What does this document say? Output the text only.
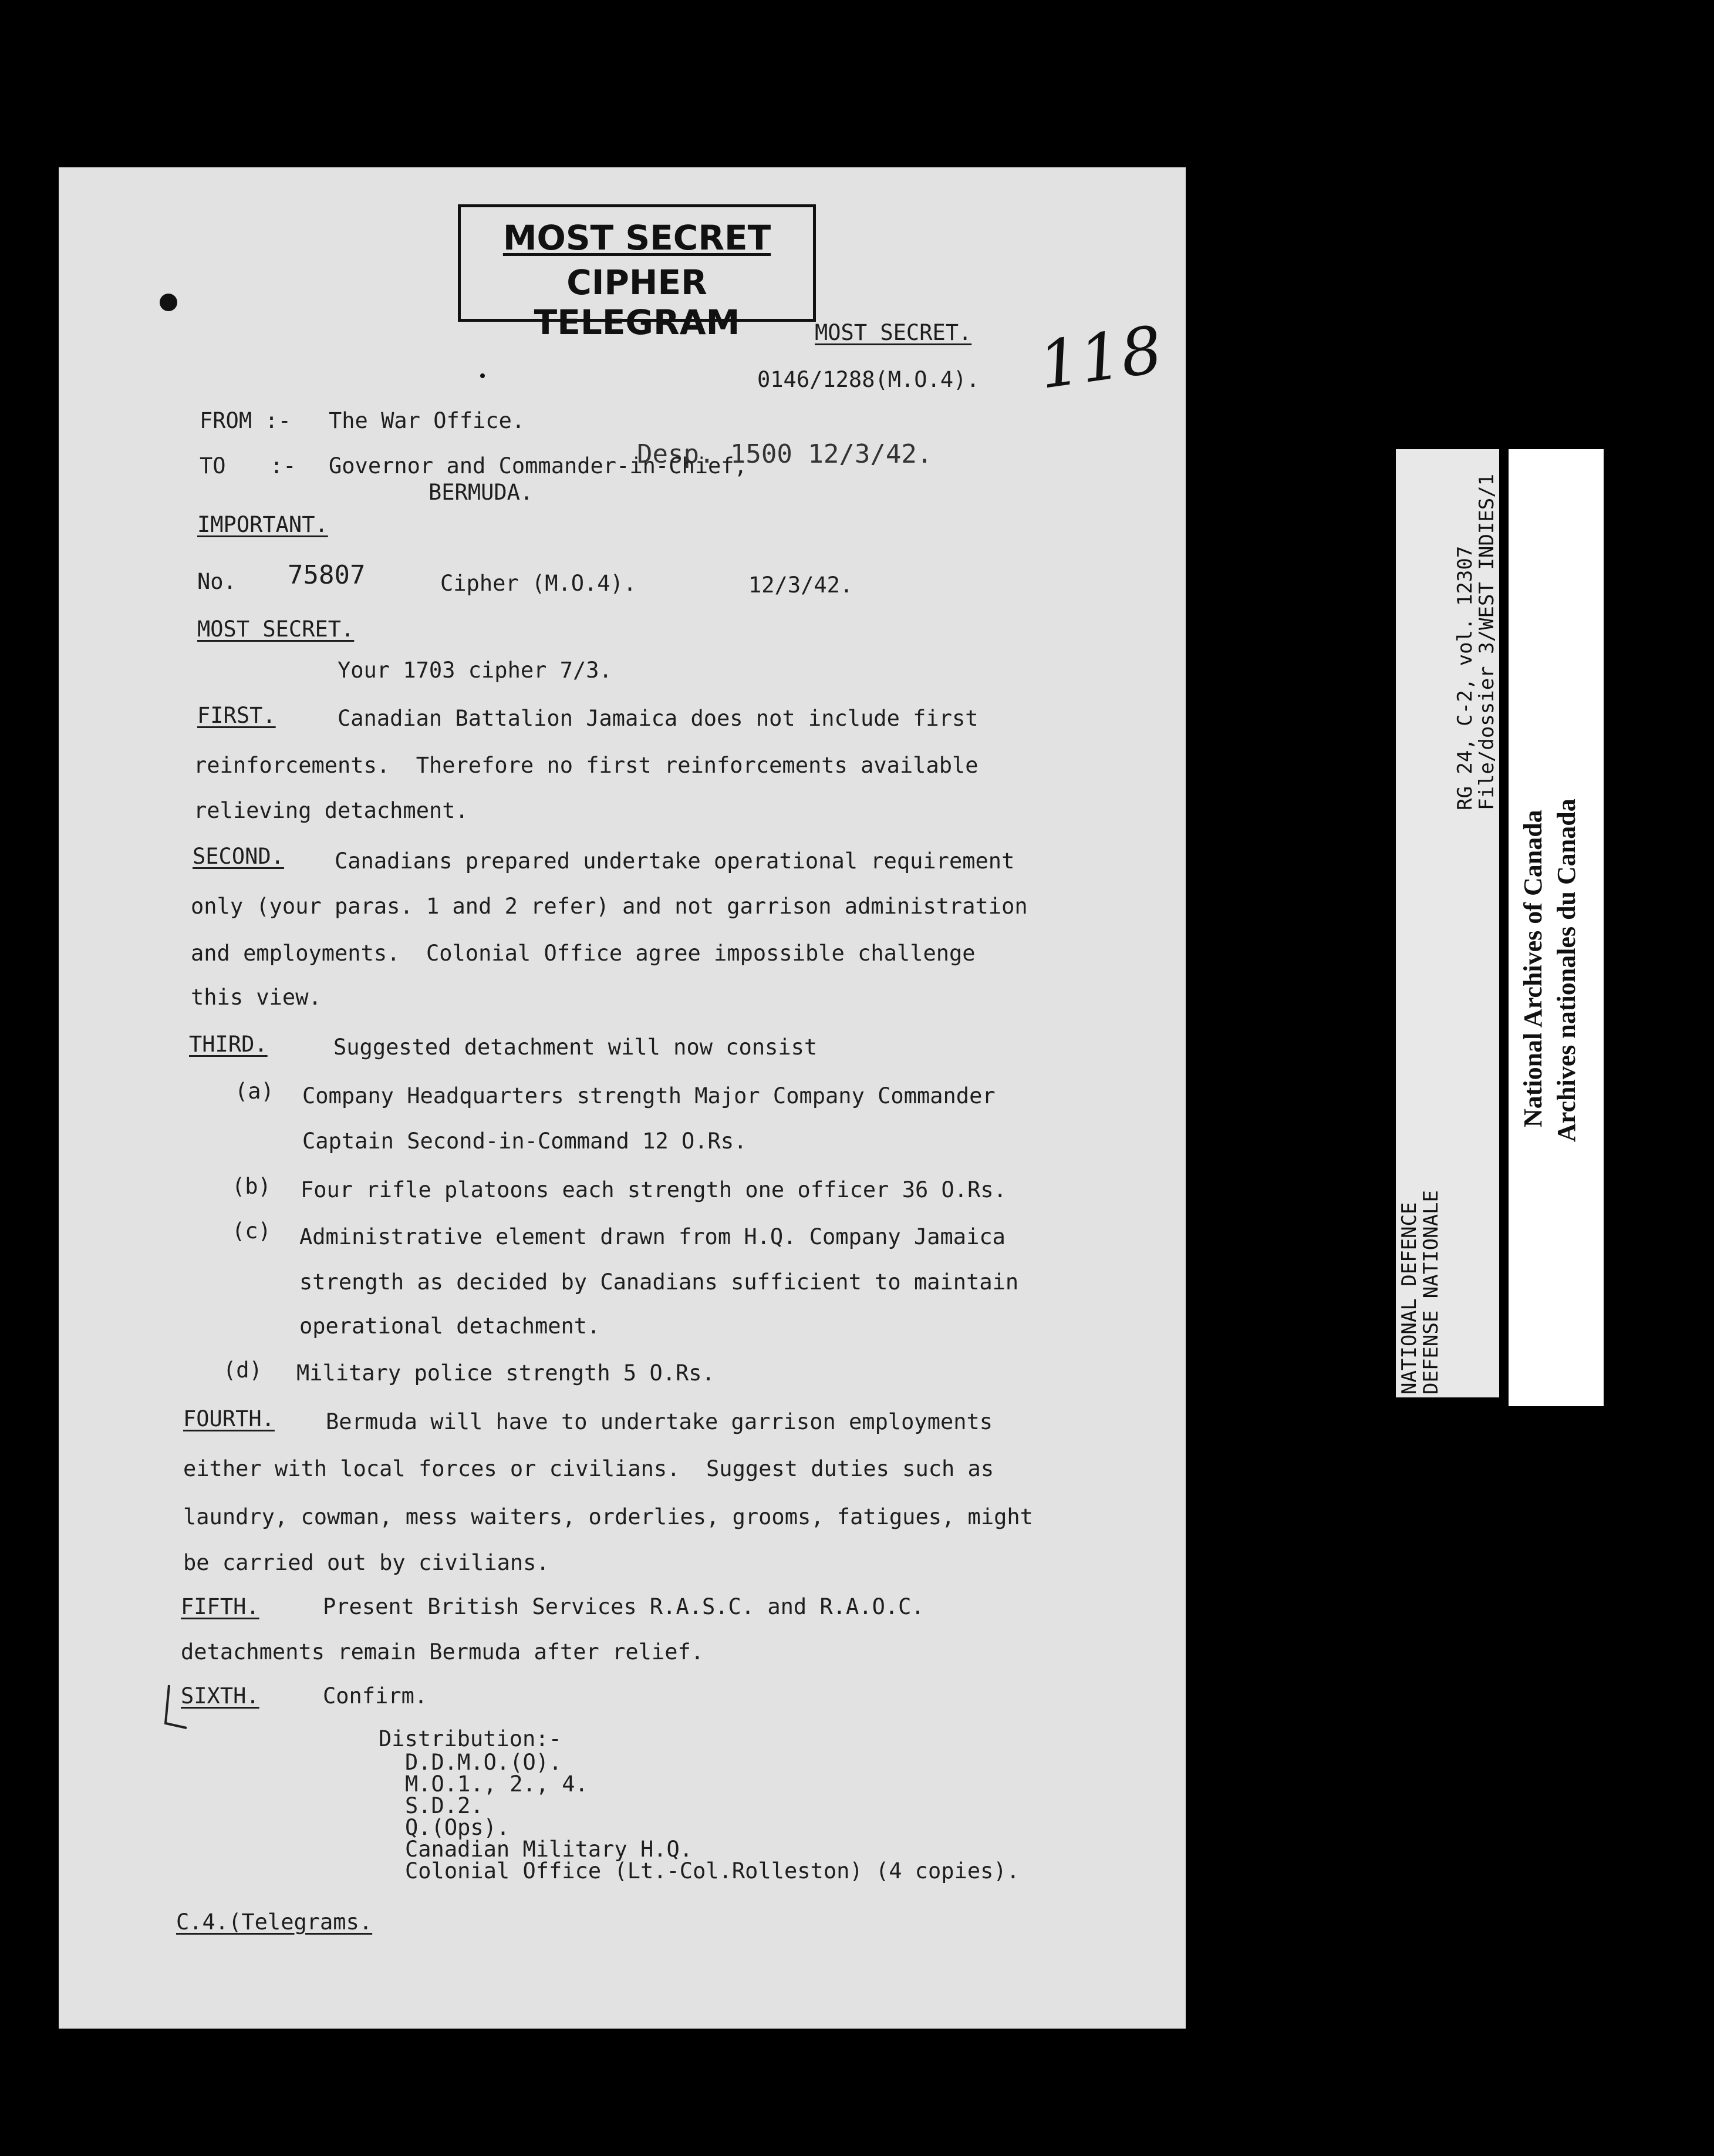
MOST SECRET
CIPHER TELEGRAM	MOST SECRET.
0146/1288(M.O.4). 118
FROM :- The War Office.
Desp. 1500 12/3/42.
TO :- Governor and Commander-in-Chief,
BERMUDA.
IMPORTANT.
No. 75807	Cipher (M.O.4).	12/3/42.
MOST SECRET.
Your 1703 cipher 7/3.
FIRST.	Canadian Battalion Jamaica does not include first
reinforcements.  Therefore no first reinforcements available
relieving detachment.
SECOND. Canadians prepared undertake operational requirement
only (your paras. 1 and 2 refer) and not garrison administration
and employments.  Colonial Office agree impossible challenge
this view.
THIRD.	Suggested detachment will now consist
(a) Company Headquarters strength Major Company Commander
Captain Second-in-Command 12 O.Rs.
(b) Four rifle platoons each strength one officer 36 O.Rs.
(c) Administrative element drawn from H.Q. Company Jamaica
strength as decided by Canadians sufficient to maintain
operational detachment.
(d) Military police strength 5 O.Rs.
FOURTH. Bermuda will have to undertake garrison employments
either with local forces or civilians.  Suggest duties such as
laundry, cowman, mess waiters, orderlies, grooms, fatigues, might
be carried out by civilians.
FIFTH.	Present British Services R.A.S.C. and R.A.O.C.
detachments remain Bermuda after relief.
SIXTH.	Confirm.
Distribution:-
D.D.M.O.(O).
M.O.1., 2., 4.
S.D.2.
Q.(Ops).
Canadian Military H.Q.
Colonial Office (Lt.-Col.Rolleston) (4 copies).
C.4.(Telegrams.
NATIONAL DEFENCE
DEFENSE NATIONALE
RG 24, C-2, vol. 12307
File/dossier 3/WEST INDIES/1
National Archives of Canada Archives nationales du Canada
